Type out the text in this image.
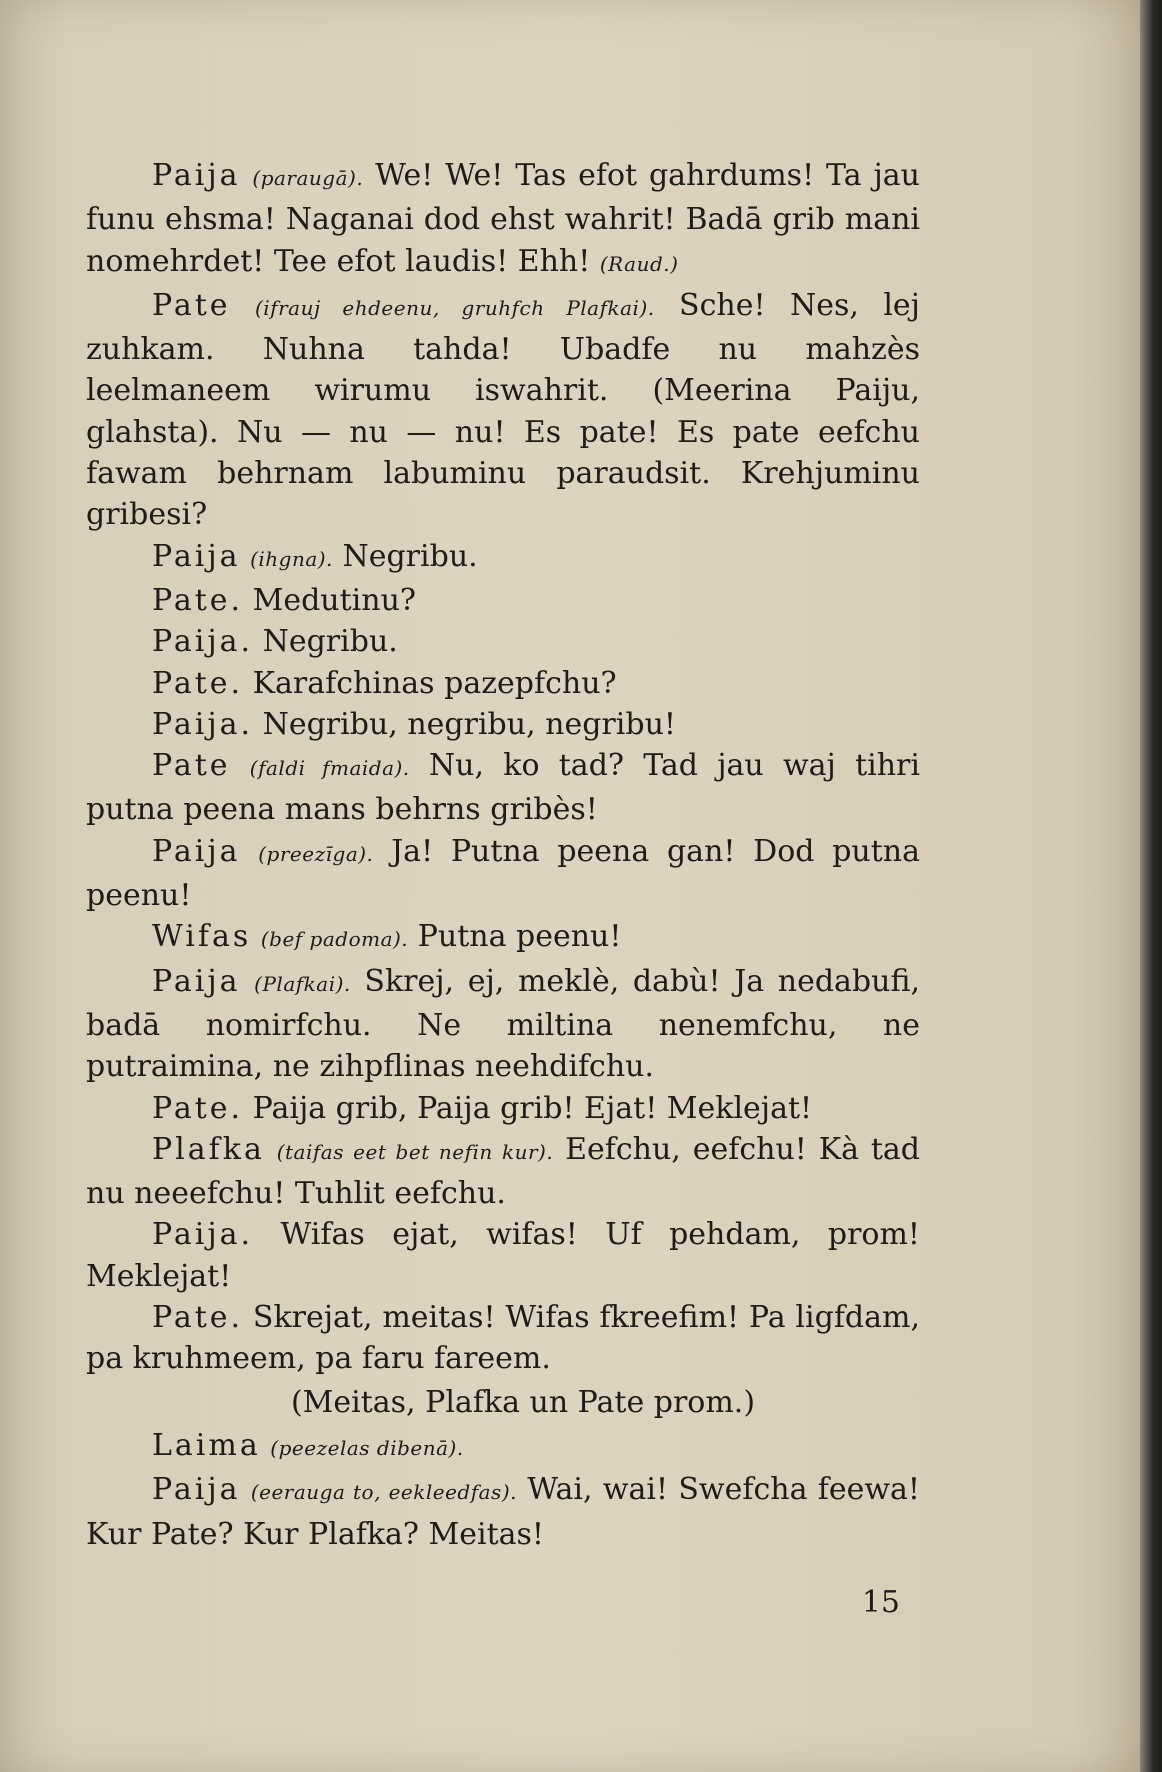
Paija (paraugā). We! We! Tas efot gahrdums! Ta jau funu ehsma! Naganai dod ehst wahrit! Badā grib mani nomehrdet! Tee efot laudis! Ehh! (Raud.)

Pate (ifrauj ehdeenu, gruhfch Plafkai). Sche! Nes, lej zuhkam. Nuhna tahda! Ubadfe nu mahzès leelmaneem wirumu iswahrit. (Meerina Paiju, glahsta). Nu — nu — nu! Es pate! Es pate eefchu fawam behrnam labuminu paraudsit. Krehjuminu gribesi?

Paija (ihgna). Negribu.

Pate. Medutinu?

Paija. Negribu.

Pate. Karafchinas pazepfchu?

Paija. Negribu, negribu, negribu!

Pate (faldi fmaida). Nu, ko tad? Tad jau waj tihri putna peena mans behrns gribès!

Paija (preezīga). Ja! Putna peena gan! Dod putna peenu!

Wifas (bef padoma). Putna peenu!

Paija (Plafkai). Skrej, ej, meklè, dabù! Ja nedabufi, badā nomirfchu. Ne miltina nenemfchu, ne putraimina, ne zihpflinas neehdifchu.

Pate. Paija grib, Paija grib! Ejat! Meklejat!

Plafka (taifas eet bet nefin kur). Eefchu, eefchu! Kà tad nu neeefchu! Tuhlit eefchu.

Paija. Wifas ejat, wifas! Uf pehdam, prom! Meklejat!

Pate. Skrejat, meitas! Wifas fkreefim! Pa ligfdam, pa kruhmeem, pa faru fareem.

(Meitas, Plafka un Pate prom.)

Laima (peezelas dibenā).

Paija (eerauga to, eekleedfas). Wai, wai! Swefcha feewa! Kur Pate? Kur Plafka? Meitas!

15
